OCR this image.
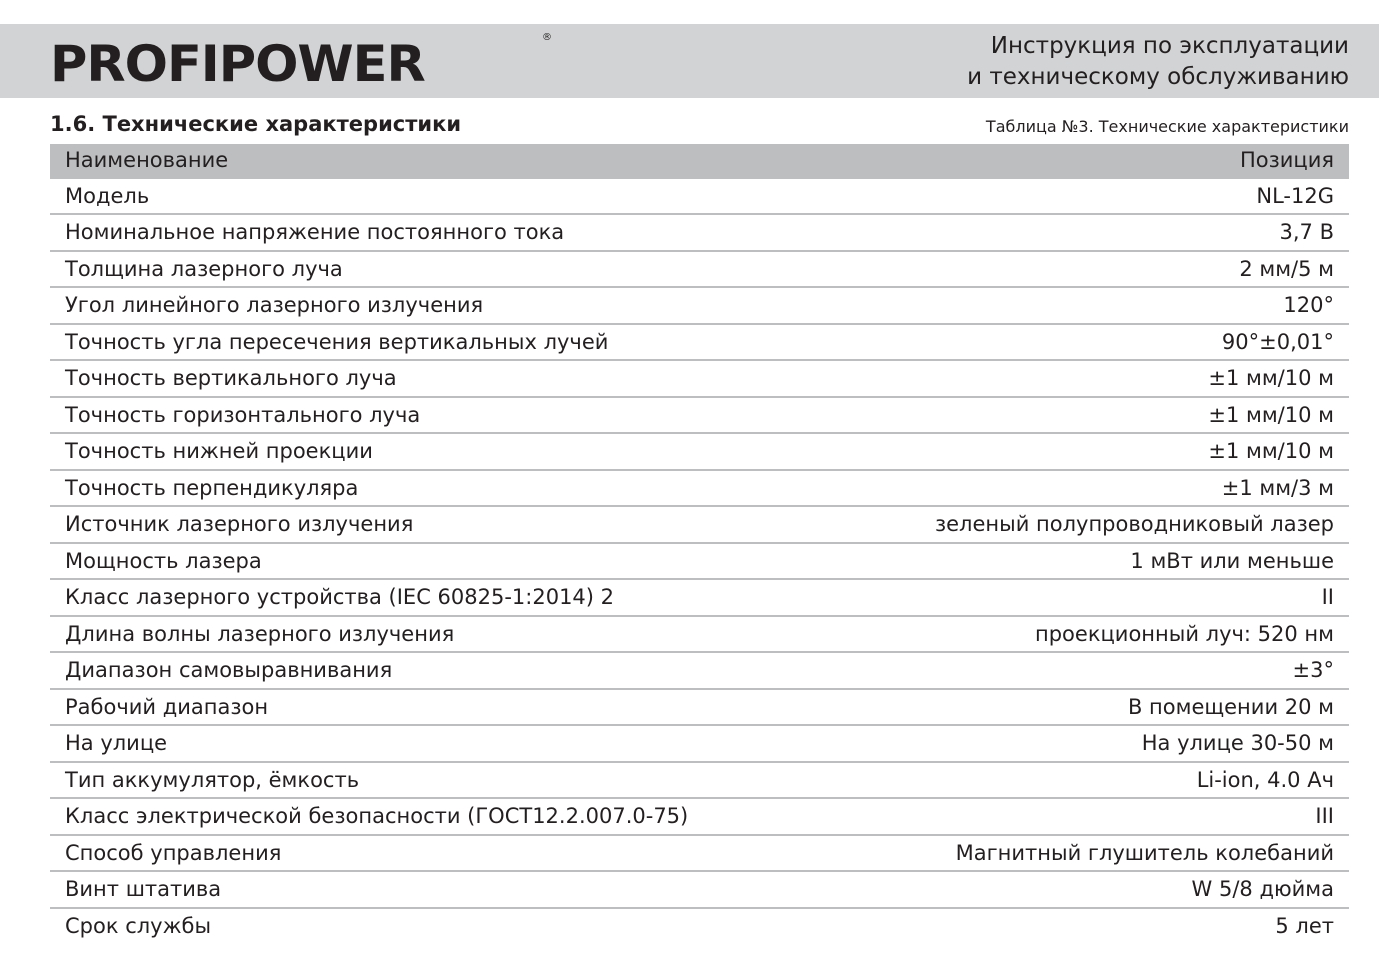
PROFIPOWER	®	Инструкция по эксплуатации
и техническому обслуживанию
1.6. Технические характеристики	Таблица №3. Технические характеристики
Наименование	Позиция
Модель	NL-12G
Номинальное напряжение постоянного тока	3,7 В
Толщина лазерного луча	2 мм/5 м
Угол линейного лазерного излучения	120°
Точность угла пересечения вертикальных лучей	90°±0,01°
Точность вертикального луча	±1 мм/10 м
Точность горизонтального луча	±1 мм/10 м
Точность нижней проекции	±1 мм/10 м
Точность перпендикуляра	±1 мм/3 м
Источник лазерного излучения	зеленый полупроводниковый лазер
Мощность лазера	1 мВт или меньше
Класс лазерного устройства (IEC 60825-1:2014) 2	II
Длина волны лазерного излучения	проекционный луч: 520 нм
Диапазон самовыравнивания	±3°
Рабочий диапазон	В помещении 20 м
На улице	На улице 30-50 м
Тип аккумулятор, ёмкость	Li-ion, 4.0 Ач
Класс электрической безопасности (ГОСТ12.2.007.0-75)	III
Способ управления	Магнитный глушитель колебаний
Винт штатива	W 5/8 дюйма
Срок службы	5 лет
